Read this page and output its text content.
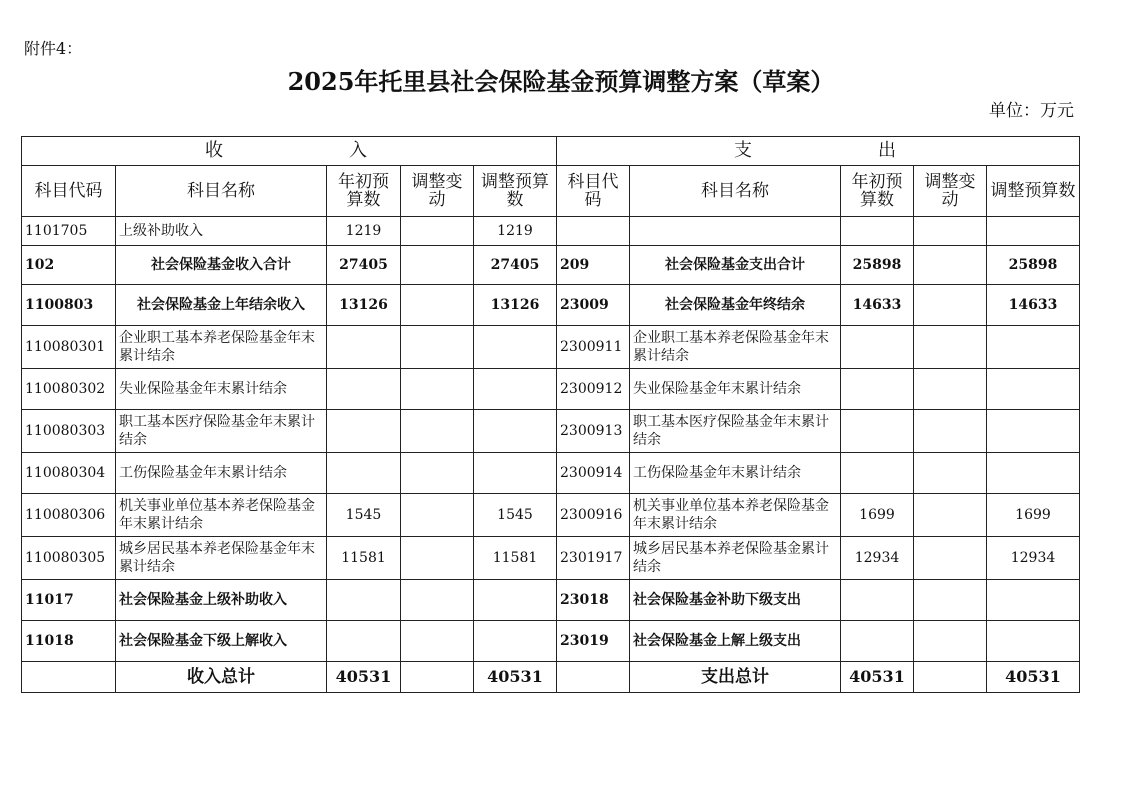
附件4：
2025年托里县社会保险基金预算调整方案（草案）
单位：万元
收 入					支 出				
科目代码	科目名称	年初预算数	调整变动	调整预算数	科目代码	科目名称	年初预算数	调整变动	调整预算数
1101705	上级补助收入	1219		1219					
102	社会保险基金收入合计	27405		27405	209	社会保险基金支出合计	25898		25898
1100803	社会保险基金上年结余收入	13126		13126	23009	社会保险基金年终结余	14633		14633
110080301	企业职工基本养老保险基金年末累计结余				2300911	企业职工基本养老保险基金年末累计结余			
110080302	失业保险基金年末累计结余				2300912	失业保险基金年末累计结余			
110080303	职工基本医疗保险基金年末累计结余				2300913	职工基本医疗保险基金年末累计结余			
110080304	工伤保险基金年末累计结余				2300914	工伤保险基金年末累计结余			
110080306	机关事业单位基本养老保险基金年末累计结余	1545		1545	2300916	机关事业单位基本养老保险基金年末累计结余	1699		1699
110080305	城乡居民基本养老保险基金年末累计结余	11581		11581	2301917	城乡居民基本养老保险基金累计结余	12934		12934
11017	社会保险基金上级补助收入				23018	社会保险基金补助下级支出			
11018	社会保险基金下级上解收入				23019	社会保险基金上解上级支出			
	收入总计	40531		40531		支出总计	40531		40531
